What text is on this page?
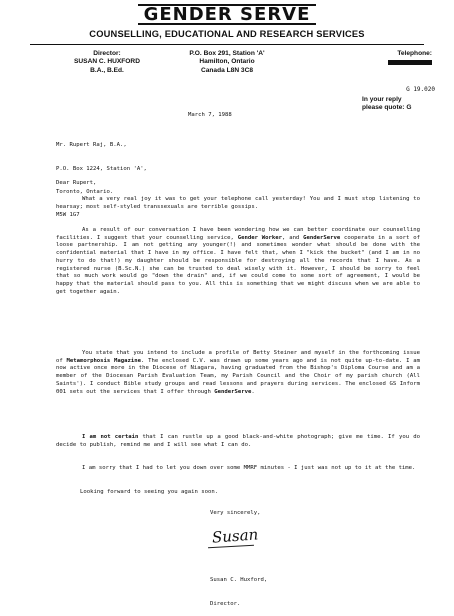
GENDER SERVE
COUNSELLING, EDUCATIONAL AND RESEARCH SERVICES
Director:
SUSAN C. HUXFORD
B.A., B.Ed.
P.O. Box 291, Station 'A'
Hamilton, Ontario
Canada L8N 3C8
Telephone:
G 19.020
In your reply
please quote: G
March 7, 1988

Mr. Rupert Raj, B.A.,

P.O. Box 1224, Station 'A',

Toronto, Ontario.

M5W 1G7

Dear Rupert,
What a very real joy it was to get your telephone call yesterday! You and I must stop listening to hearsay; most self-styled transsexuals are terrible gossips.
As a result of our conversation I have been wondering how we can better coordinate our counselling facilities. I suggest that your counselling service, Gender Worker, and GenderServe cooperate in a sort of loose partnership. I am not getting any younger(!) and sometimes wonder what should be done with the confidential material that I have in my office. I have felt that, when I "kick the bucket" (and I am in no hurry to do that!) my daughter should be responsible for destroying all the records that I have. As a registered nurse (B.Sc.N.) she can be trusted to deal wisely with it. However, I should be sorry to feel that so much work would go "down the drain" and, if we could come to some sort of agreement, I would be happy that the material should pass to you. All this is something that we might discuss when we are able to get together again.
You state that you intend to include a profile of Betty Steiner and myself in the forthcoming issue of Metamorphosis Magazine. The enclosed C.V. was drawn up some years ago and is not quite up-to-date. I am now active once more in the Diocese of Niagara, having graduated from the Bishop's Diploma Course and am a member of the Diocesan Parish Evaluation Team, my Parish Council and the Choir of my parish church (All Saints'). I conduct Bible study groups and read lessons and prayers during services. The enclosed GS Inform 001 sets out the services that I offer through GenderServe.
I am not certain that I can rustle up a good black-and-white photograph; give me time. If you do decide to publish, remind me and I will see what I can do.
I am sorry that I had to let you down over some MMRF minutes - I just was not up to it at the time.
Looking forward to seeing you again soon.
Very sincerely,
Susan

Susan C. Huxford,

Director.
